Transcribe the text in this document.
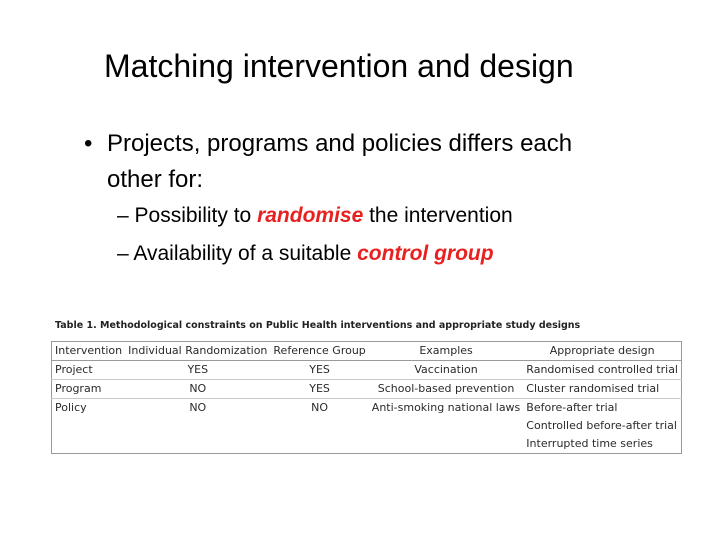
Matching intervention and design
• Projects, programs and policies differs each other for:
– Possibility to randomise the intervention
– Availability of a suitable control group
Table 1. Methodological constraints on Public Health interventions and appropriate study designs
Intervention	Individual Randomization	Reference Group	Examples	Appropriate design
Project	YES	YES	Vaccination	Randomised controlled trial
Program	NO	YES	School-based prevention	Cluster randomised trial
Policy	NO	NO	Anti-smoking national laws	Before-after trial
				Controlled before-after trial
				Interrupted time series
